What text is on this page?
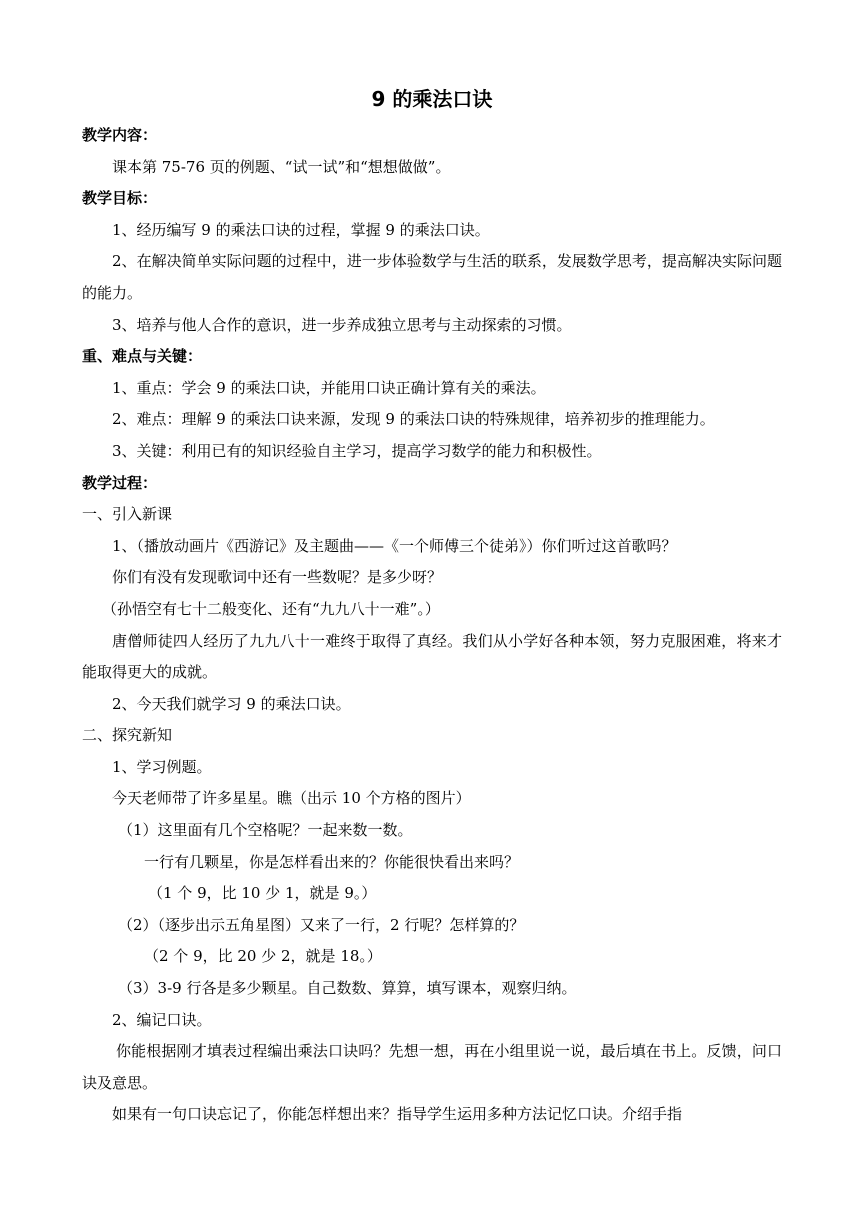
9 的乘法口诀
教学内容：
课本第 75-76 页的例题、“试一试”和“想想做做”。
教学目标：
1、经历编写 9 的乘法口诀的过程，掌握 9 的乘法口诀。
2、在解决简单实际问题的过程中，进一步体验数学与生活的联系，发展数学思考，提高解决实际问题的能力。
3、培养与他人合作的意识，进一步养成独立思考与主动探索的习惯。
重、难点与关键：
1、重点：学会 9 的乘法口诀，并能用口诀正确计算有关的乘法。
2、难点：理解 9 的乘法口诀来源，发现 9 的乘法口诀的特殊规律，培养初步的推理能力。
3、关键：利用已有的知识经验自主学习，提高学习数学的能力和积极性。
教学过程：
一、引入新课
1、（播放动画片《西游记》及主题曲——《一个师傅三个徒弟》）你们听过这首歌吗？
你们有没有发现歌词中还有一些数呢？是多少呀？
（孙悟空有七十二般变化、还有“九九八十一难”。）
唐僧师徒四人经历了九九八十一难终于取得了真经。我们从小学好各种本领，努力克服困难，将来才能取得更大的成就。
2、今天我们就学习 9 的乘法口诀。
二、探究新知
1、学习例题。
今天老师带了许多星星。瞧（出示 10 个方格的图片）
（1）这里面有几个空格呢？一起来数一数。
一行有几颗星，你是怎样看出来的？你能很快看出来吗？
（1 个 9，比 10 少 1，就是 9。）
（2）（逐步出示五角星图）又来了一行，2 行呢？怎样算的？
（2 个 9，比 20 少 2，就是 18。）
（3）3-9 行各是多少颗星。自己数数、算算，填写课本，观察归纳。
2、编记口诀。
你能根据刚才填表过程编出乘法口诀吗？先想一想，再在小组里说一说，最后填在书上。反馈，问口诀及意思。
如果有一句口诀忘记了，你能怎样想出来？指导学生运用多种方法记忆口诀。介绍手指
